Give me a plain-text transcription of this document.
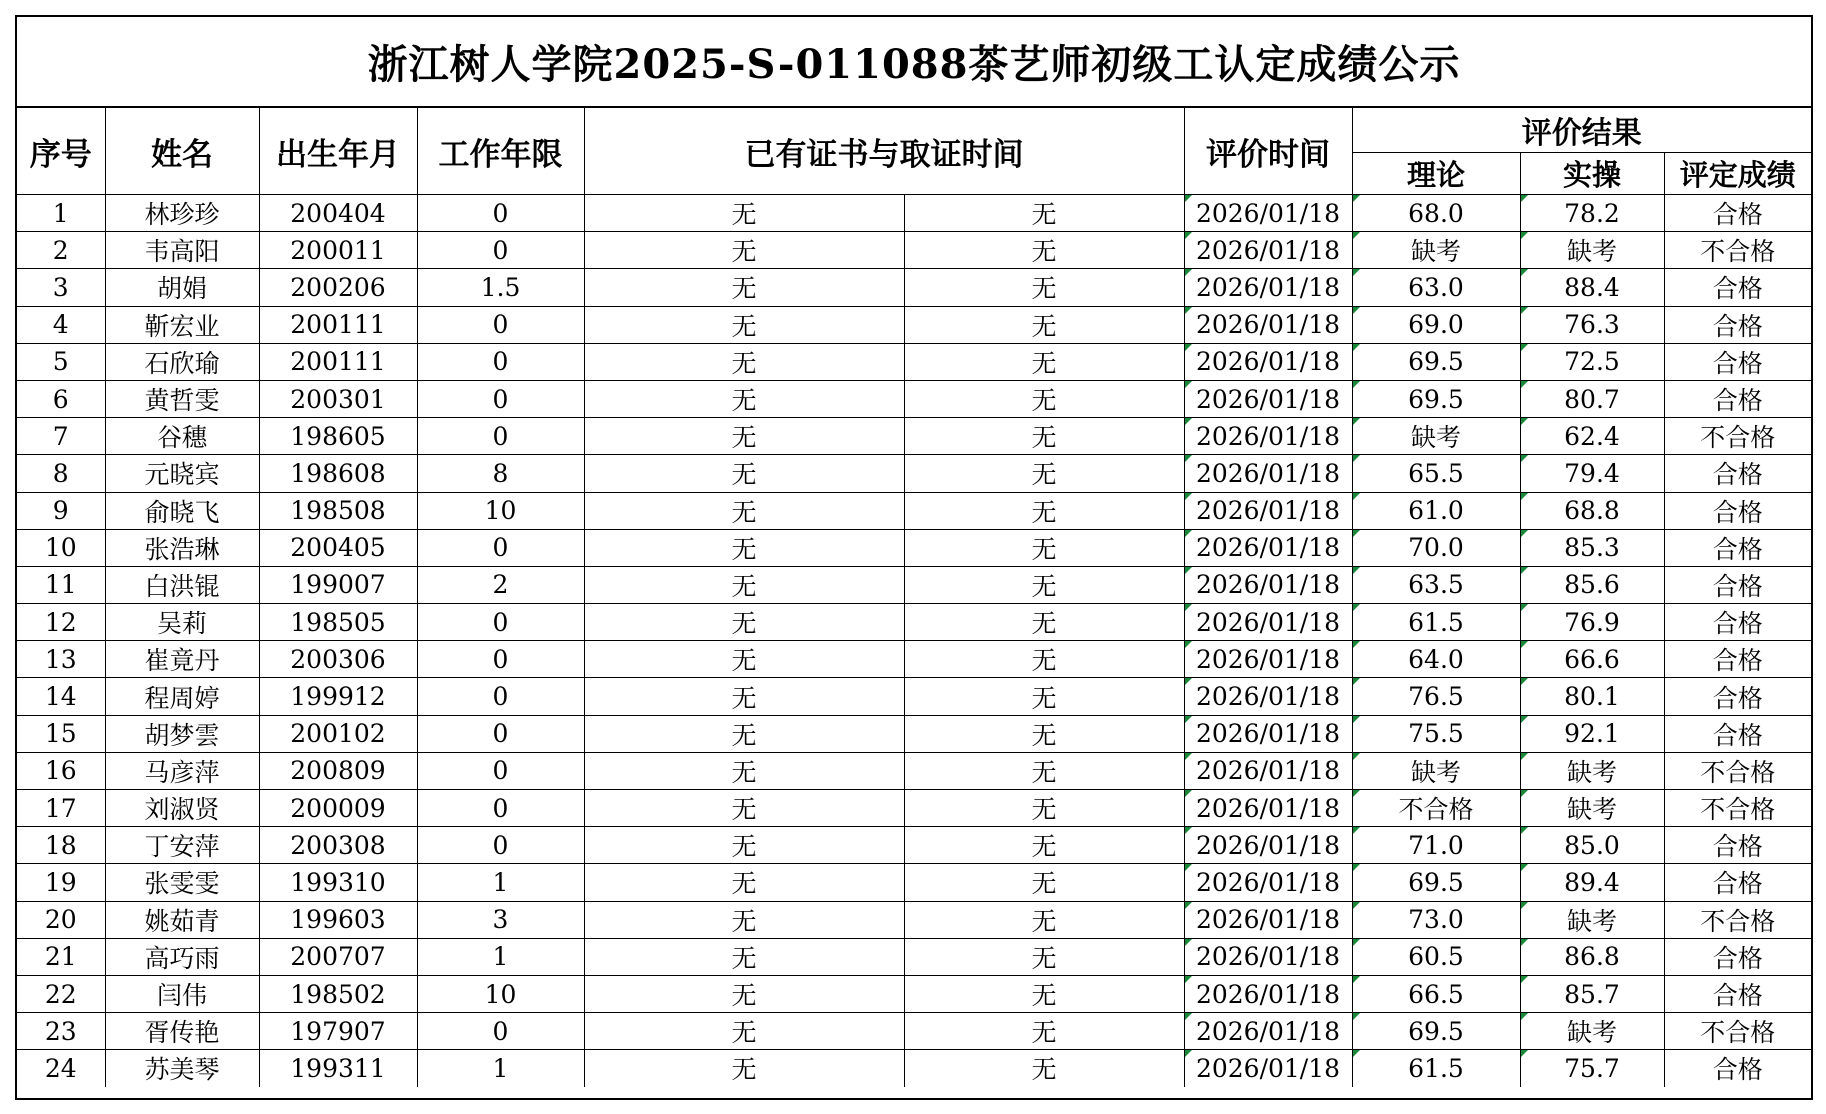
浙江树人学院2025-S-011088茶艺师初级工认定成绩公示
序号	姓名	出生年月	工作年限	已有证书与取证时间		评价时间	评价结果		
							理论	实操	评定成绩
1	林珍珍	200404	0	无	无	2026/01/18	68.0	78.2	合格
2	韦高阳	200011	0	无	无	2026/01/18	缺考	缺考	不合格
3	胡娟	200206	1.5	无	无	2026/01/18	63.0	88.4	合格
4	靳宏业	200111	0	无	无	2026/01/18	69.0	76.3	合格
5	石欣瑜	200111	0	无	无	2026/01/18	69.5	72.5	合格
6	黄哲雯	200301	0	无	无	2026/01/18	69.5	80.7	合格
7	谷穗	198605	0	无	无	2026/01/18	缺考	62.4	不合格
8	元晓宾	198608	8	无	无	2026/01/18	65.5	79.4	合格
9	俞晓飞	198508	10	无	无	2026/01/18	61.0	68.8	合格
10	张浩琳	200405	0	无	无	2026/01/18	70.0	85.3	合格
11	白洪锟	199007	2	无	无	2026/01/18	63.5	85.6	合格
12	吴莉	198505	0	无	无	2026/01/18	61.5	76.9	合格
13	崔竟丹	200306	0	无	无	2026/01/18	64.0	66.6	合格
14	程周婷	199912	0	无	无	2026/01/18	76.5	80.1	合格
15	胡梦雲	200102	0	无	无	2026/01/18	75.5	92.1	合格
16	马彦萍	200809	0	无	无	2026/01/18	缺考	缺考	不合格
17	刘淑贤	200009	0	无	无	2026/01/18	不合格	缺考	不合格
18	丁安萍	200308	0	无	无	2026/01/18	71.0	85.0	合格
19	张雯雯	199310	1	无	无	2026/01/18	69.5	89.4	合格
20	姚茹青	199603	3	无	无	2026/01/18	73.0	缺考	不合格
21	高巧雨	200707	1	无	无	2026/01/18	60.5	86.8	合格
22	闫伟	198502	10	无	无	2026/01/18	66.5	85.7	合格
23	胥传艳	197907	0	无	无	2026/01/18	69.5	缺考	不合格
24	苏美琴	199311	1	无	无	2026/01/18	61.5	75.7	合格
